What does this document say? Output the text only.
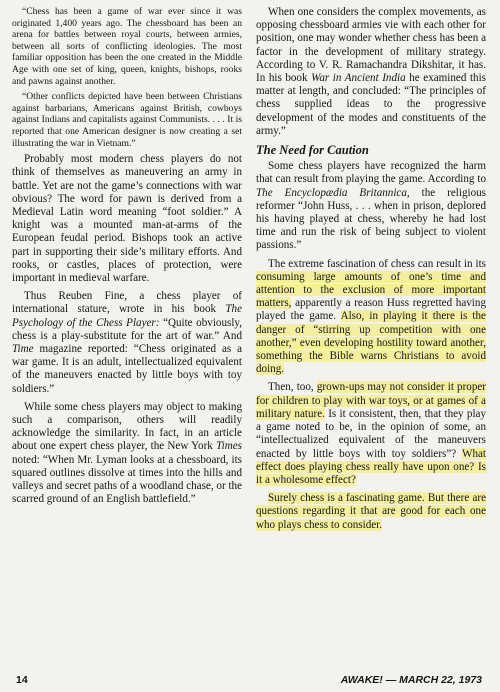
“Chess has been a game of war ever since it was originated 1,400 years ago. The chessboard has been an arena for battles between royal courts, between armies, between all sorts of conflicting ideologies. The most familiar opposition has been the one created in the Middle Age with one set of king, queen, knights, bishops, rooks and pawns against another.

“Other conflicts depicted have been between Christians against barbarians, Americans against British, cowboys against Indians and capitalists against Communists. . . . It is reported that one American designer is now creating a set illustrating the war in Vietnam.”

Probably most modern chess players do not think of themselves as maneuvering an army in battle. Yet are not the game’s connections with war obvious? The word for pawn is derived from a Medieval Latin word meaning “foot soldier.” A knight was a mounted man-at-arms of the European feudal period. Bishops took an active part in supporting their side’s military efforts. And rooks, or castles, places of protection, were important in medieval warfare.

Thus Reuben Fine, a chess player of international stature, wrote in his book The Psychology of the Chess Player: “Quite obviously, chess is a play-substitute for the art of war.” And Time magazine reported: “Chess originated as a war game. It is an adult, intellectualized equivalent of the maneuvers enacted by little boys with toy soldiers.”

While some chess players may object to making such a comparison, others will readily acknowledge the similarity. In fact, in an article about one expert chess player, the New York Times noted: “When Mr. Lyman looks at a chessboard, its squared outlines dissolve at times into the hills and valleys and secret paths of a woodland chase, or the scarred ground of an English battlefield.”

When one considers the complex movements, as opposing chessboard armies vie with each other for position, one may wonder whether chess has been a factor in the development of military strategy. According to V. R. Ramachandra Dikshitar, it has. In his book War in Ancient India he examined this matter at length, and concluded: “The principles of chess supplied ideas to the progressive development of the modes and constituents of the army.”

The Need for Caution

Some chess players have recognized the harm that can result from playing the game. According to The Encyclopædia Britannica, the religious reformer “John Huss, . . . when in prison, deplored his having played at chess, whereby he had lost time and run the risk of being subject to violent passions.”

The extreme fascination of chess can result in its consuming large amounts of one’s time and attention to the exclusion of more important matters, apparently a reason Huss regretted having played the game. Also, in playing it there is the danger of “stirring up competition with one another,” even developing hostility toward another, something the Bible warns Christians to avoid doing.

Then, too, grown-ups may not consider it proper for children to play with war toys, or at games of a military nature. Is it consistent, then, that they play a game noted to be, in the opinion of some, an “intellectualized equivalent of the maneuvers enacted by little boys with toy soldiers”? What effect does playing chess really have upon one? Is it a wholesome effect?

Surely chess is a fascinating game. But there are questions regarding it that are good for each one who plays chess to consider.

14	AWAKE! — MARCH 22, 1973
